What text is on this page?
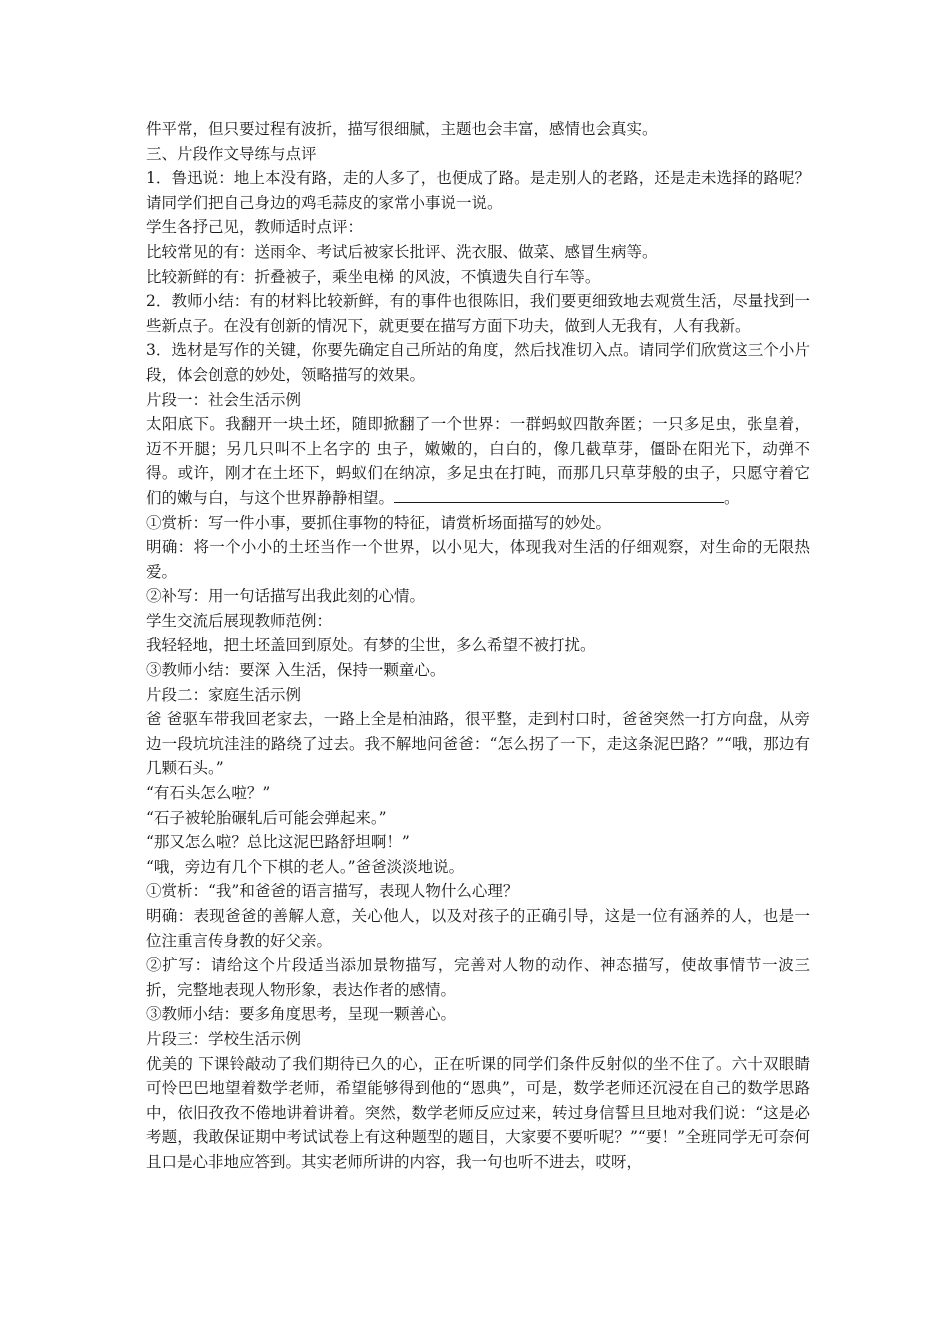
件平常，但只要过程有波折，描写很细腻，主题也会丰富，感情也会真实。

三、片段作文导练与点评

1．鲁迅说：地上本没有路，走的人多了，也便成了路。是走别人的老路，还是走未选择的路呢？请同学们把自己身边的鸡毛蒜皮的家常小事说一说。

学生各抒己见，教师适时点评：

比较常见的有：送雨伞、考试后被家长批评、洗衣服、做菜、感冒生病等。

比较新鲜的有：折叠被子，乘坐电梯 的风波，不慎遗失自行车等。

2．教师小结：有的材料比较新鲜，有的事件也很陈旧，我们要更细致地去观赏生活，尽量找到一些新点子。在没有创新的情况下，就更要在描写方面下功夫，做到人无我有，人有我新。

3．选材是写作的关键，你要先确定自己所站的角度，然后找准切入点。请同学们欣赏这三个小片段，体会创意的妙处，领略描写的效果。

片段一：社会生活示例

太阳底下。我翻开一块土坯，随即掀翻了一个世界：一群蚂蚁四散奔匿；一只多足虫，张皇着，迈不开腿；另几只叫不上名字的 虫子，嫩嫩的，白白的，像几截草芽，僵卧在阳光下，动弹不得。或许，刚才在土坯下，蚂蚁们在纳凉，多足虫在打盹，而那几只草芽般的虫子，只愿守着它们的嫩与白，与这个世界静静相望。	。

①赏析：写一件小事，要抓住事物的特征，请赏析场面描写的妙处。

明确：将一个小小的土坯当作一个世界，以小见大，体现我对生活的仔细观察，对生命的无限热爱。

②补写：用一句话描写出我此刻的心情。

学生交流后展现教师范例：

我轻轻地，把土坯盖回到原处。有梦的尘世，多么希望不被打扰。

③教师小结：要深 入生活，保持一颗童心。

片段二：家庭生活示例

爸 爸驱车带我回老家去，一路上全是柏油路，很平整，走到村口时，爸爸突然一打方向盘，从旁边一段坑坑洼洼的路绕了过去。我不解地问爸爸：“怎么拐了一下，走这条泥巴路？”“哦，那边有几颗石头。”

“有石头怎么啦？”

“石子被轮胎碾轧后可能会弹起来。”

“那又怎么啦？总比这泥巴路舒坦啊！”

“哦，旁边有几个下棋的老人。”爸爸淡淡地说。

①赏析：“我”和爸爸的语言描写，表现人物什么心理？

明确：表现爸爸的善解人意，关心他人，以及对孩子的正确引导，这是一位有涵养的人，也是一位注重言传身教的好父亲。

②扩写：请给这个片段适当添加景物描写，完善对人物的动作、神态描写，使故事情节一波三折，完整地表现人物形象，表达作者的感情。

③教师小结：要多角度思考，呈现一颗善心。

片段三：学校生活示例

优美的 下课铃敲动了我们期待已久的心，正在听课的同学们条件反射似的坐不住了。六十双眼睛可怜巴巴地望着数学老师，希望能够得到他的“恩典”，可是，数学老师还沉浸在自己的数学思路中，依旧孜孜不倦地讲着讲着。突然，数学老师反应过来，转过身信誓旦旦地对我们说：“这是必考题，我敢保证期中考试试卷上有这种题型的题目，大家要不要听呢？”“要！”全班同学无可奈何且口是心非地应答到。其实老师所讲的内容，我一句也听不进去，哎呀，
